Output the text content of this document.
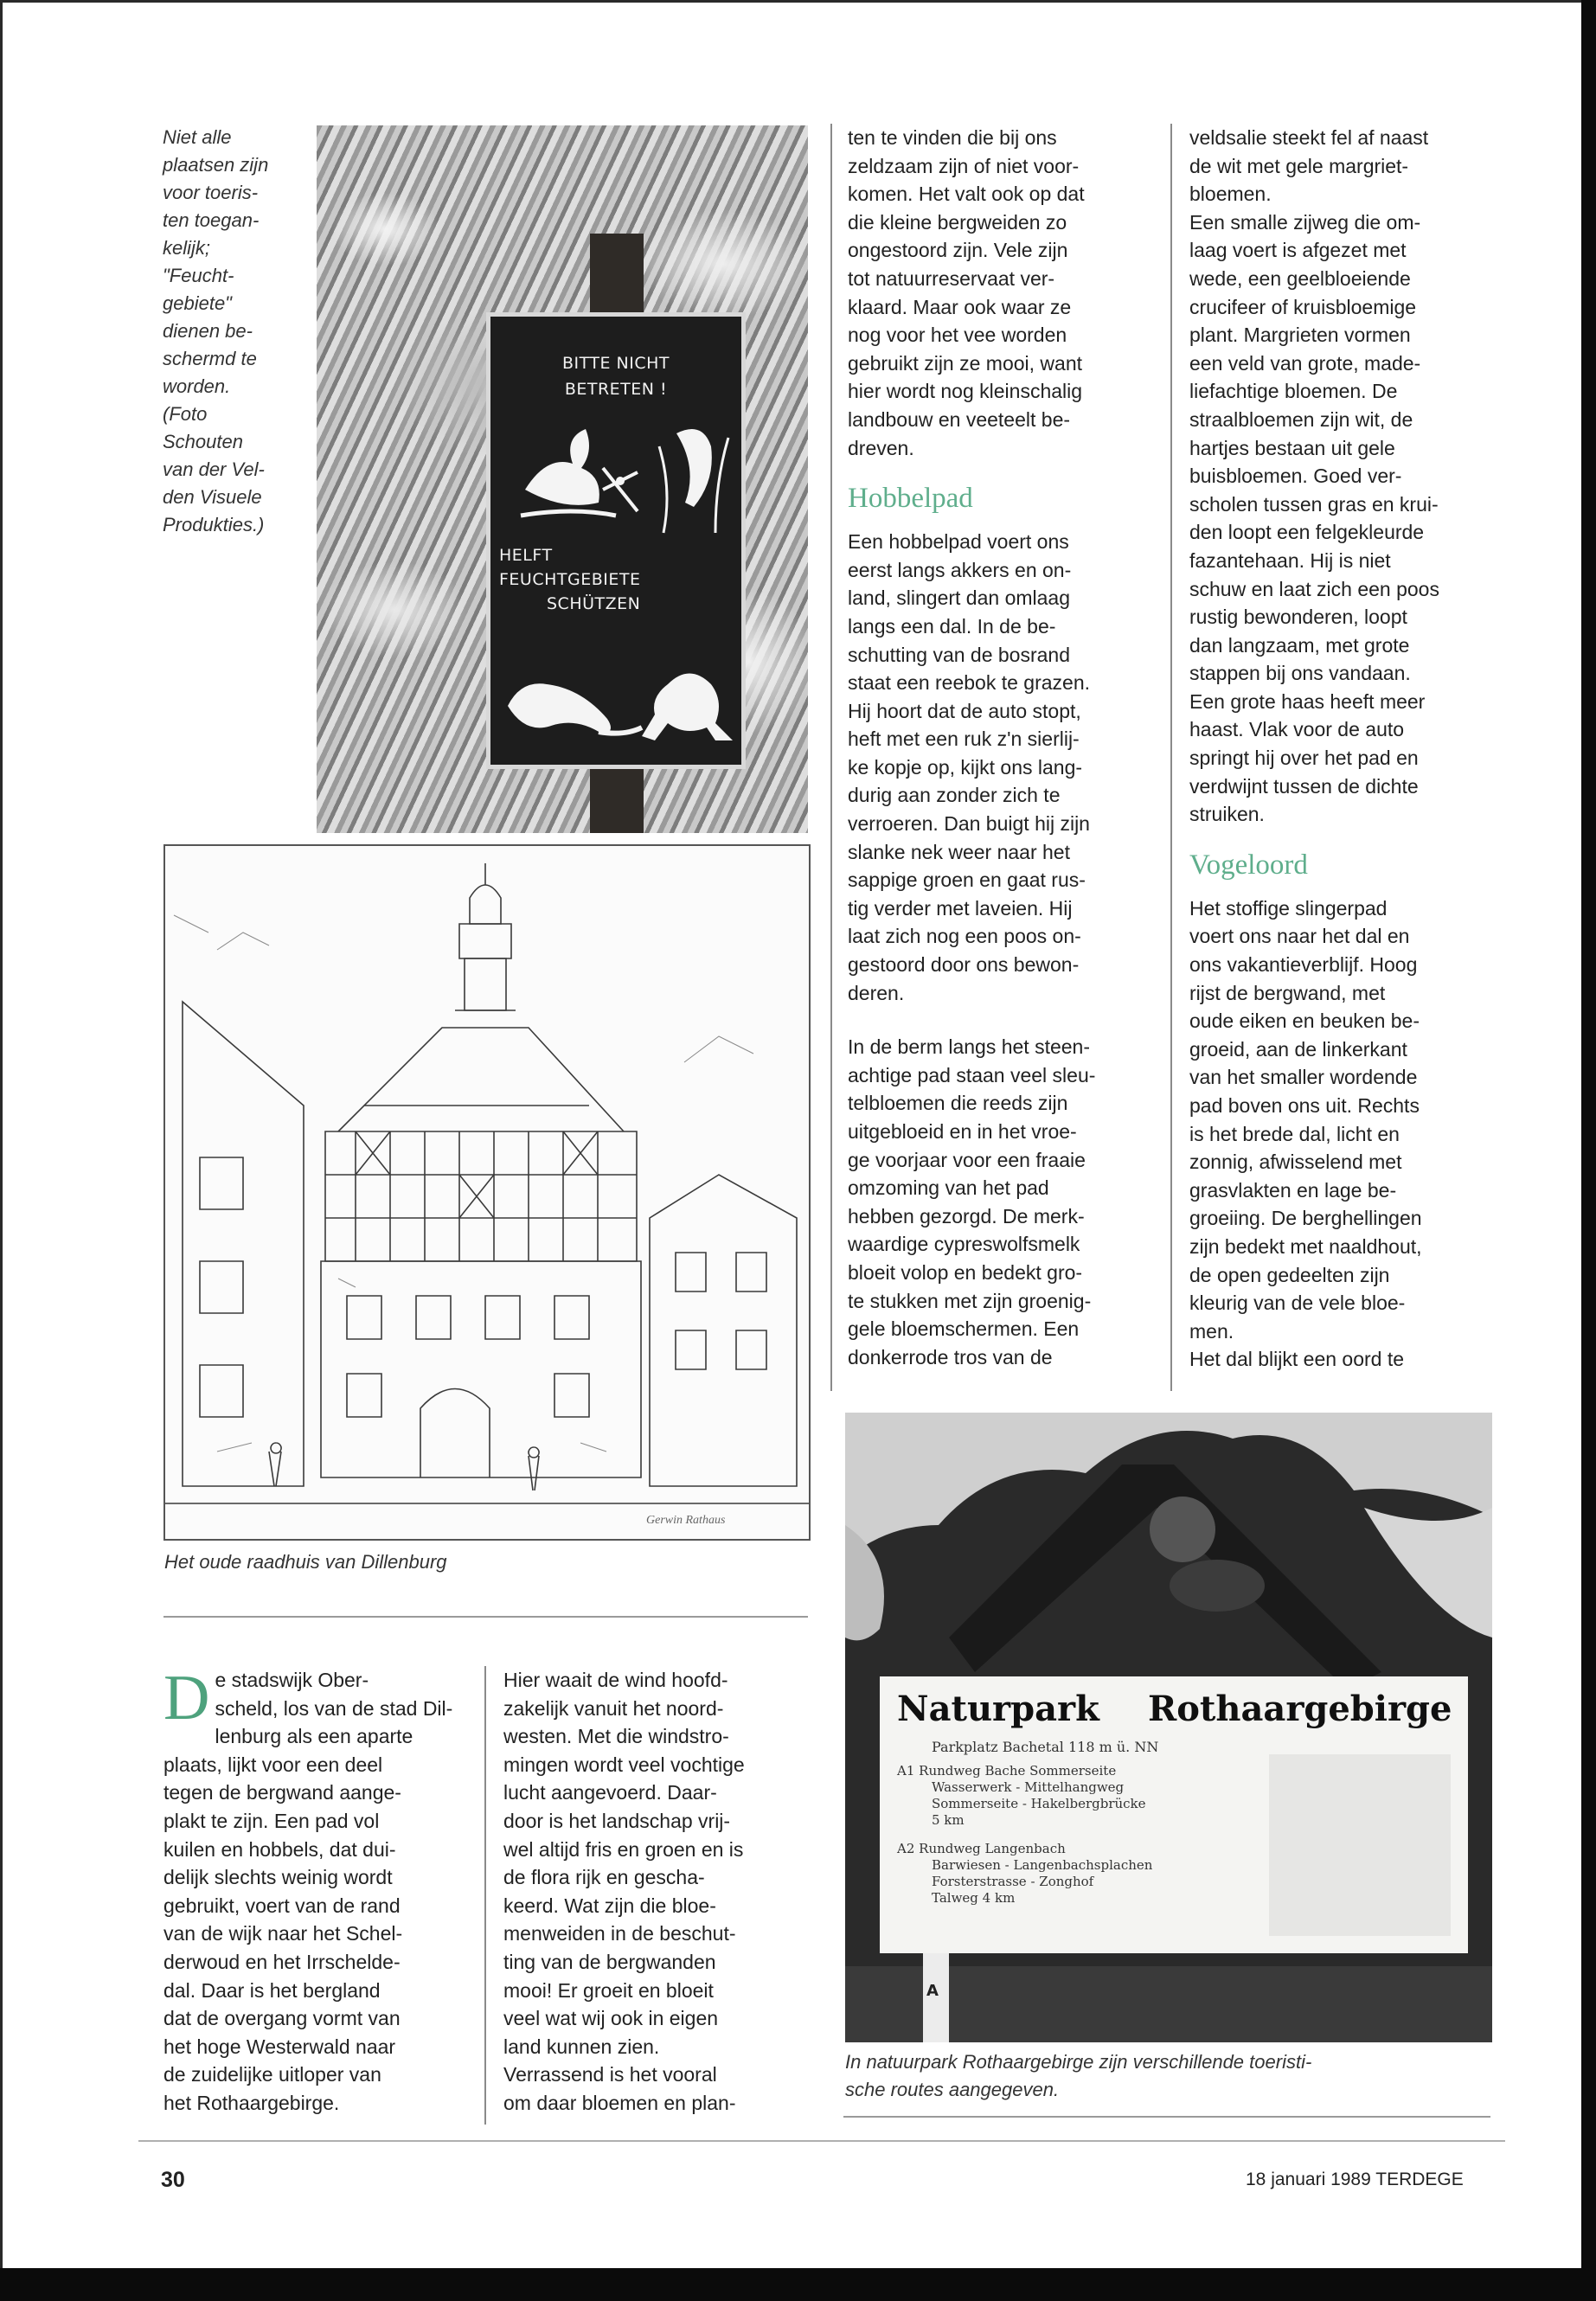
Niet alle

plaatsen zijn

voor toeris-

ten toegan-

kelijk;

"Feucht-

gebiete"

dienen be-

schermd te

worden.

(Foto

Schouten

van der Vel-

den Visuele

Produkties.)

BITTE NICHT
BETRETEN !
HELFT
FEUCHTGEBIETE
SCHÜTZEN
Gerwin Rathaus

Het oude raadhuis van Dillenburg

D e stadswijk Ober-

scheld, los van de stad Dil-

lenburg als een aparte

plaats, lijkt voor een deel

tegen de bergwand aange-

plakt te zijn. Een pad vol

kuilen en hobbels, dat dui-

delijk slechts weinig wordt

gebruikt, voert van de rand

van de wijk naar het Schel-

derwoud en het Irrschelde-

dal. Daar is het bergland

dat de overgang vormt van

het hoge Westerwald naar

de zuidelijke uitloper van

het Rothaargebirge.

Hier waait de wind hoofd-

zakelijk vanuit het noord-

westen. Met die windstro-

mingen wordt veel vochtige

lucht aangevoerd. Daar-

door is het landschap vrij-

wel altijd fris en groen en is

de flora rijk en gescha-

keerd. Wat zijn die bloe-

menweiden in de beschut-

ting van de bergwanden

mooi! Er groeit en bloeit

veel wat wij ook in eigen

land kunnen zien.

Verrassend is het vooral

om daar bloemen en plan-

ten te vinden die bij ons

zeldzaam zijn of niet voor-

komen. Het valt ook op dat

die kleine bergweiden zo

ongestoord zijn. Vele zijn

tot natuurreservaat ver-

klaard. Maar ook waar ze

nog voor het vee worden

gebruikt zijn ze mooi, want

hier wordt nog kleinschalig

landbouw en veeteelt be-

dreven.

Hobbelpad

Een hobbelpad voert ons

eerst langs akkers en on-

land, slingert dan omlaag

langs een dal. In de be-

schutting van de bosrand

staat een reebok te grazen.

Hij hoort dat de auto stopt,

heft met een ruk z'n sierlij-

ke kopje op, kijkt ons lang-

durig aan zonder zich te

verroeren. Dan buigt hij zijn

slanke nek weer naar het

sappige groen en gaat rus-

tig verder met laveien. Hij

laat zich nog een poos on-

gestoord door ons bewon-

deren.

In de berm langs het steen-

achtige pad staan veel sleu-

telbloemen die reeds zijn

uitgebloeid en in het vroe-

ge voorjaar voor een fraaie

omzoming van het pad

hebben gezorgd. De merk-

waardige cypreswolfsmelk

bloeit volop en bedekt gro-

te stukken met zijn groenig-

gele bloemschermen. Een

donkerrode tros van de

veldsalie steekt fel af naast

de wit met gele margriet-

bloemen.

Een smalle zijweg die om-

laag voert is afgezet met

wede, een geelbloeiende

crucifeer of kruisbloemige

plant. Margrieten vormen

een veld van grote, made-

liefachtige bloemen. De

straalbloemen zijn wit, de

hartjes bestaan uit gele

buisbloemen. Goed ver-

scholen tussen gras en krui-

den loopt een felgekleurde

fazantehaan. Hij is niet

schuw en laat zich een poos

rustig bewonderen, loopt

dan langzaam, met grote

stappen bij ons vandaan.

Een grote haas heeft meer

haast. Vlak voor de auto

springt hij over het pad en

verdwijnt tussen de dichte

struiken.

Vogeloord

Het stoffige slingerpad

voert ons naar het dal en

ons vakantieverblijf. Hoog

rijst de bergwand, met

oude eiken en beuken be-

groeid, aan de linkerkant

van het smaller wordende

pad boven ons uit. Rechts

is het brede dal, licht en

zonnig, afwisselend met

grasvlakten en lage be-

groeiing. De berghellingen

zijn bedekt met naaldhout,

de open gedeelten zijn

kleurig van de vele bloe-

men.

Het dal blijkt een oord te

Naturpark Rothaargebirge
Parkplatz Bachetal 118 m ü. NN
A1 Rundweg Bache Sommerseite
Wasserwerk - Mittelhangweg
Sommerseite - Hakelbergbrücke
5 km
A2 Rundweg Langenbach
Barwiesen - Langenbachsplachen
Forsterstrasse - Zonghof
Talweg 4 km
A

In natuurpark Rothaargebirge zijn verschillende toeristi-

sche routes aangegeven.

30	18 januari 1989 TERDEGE
